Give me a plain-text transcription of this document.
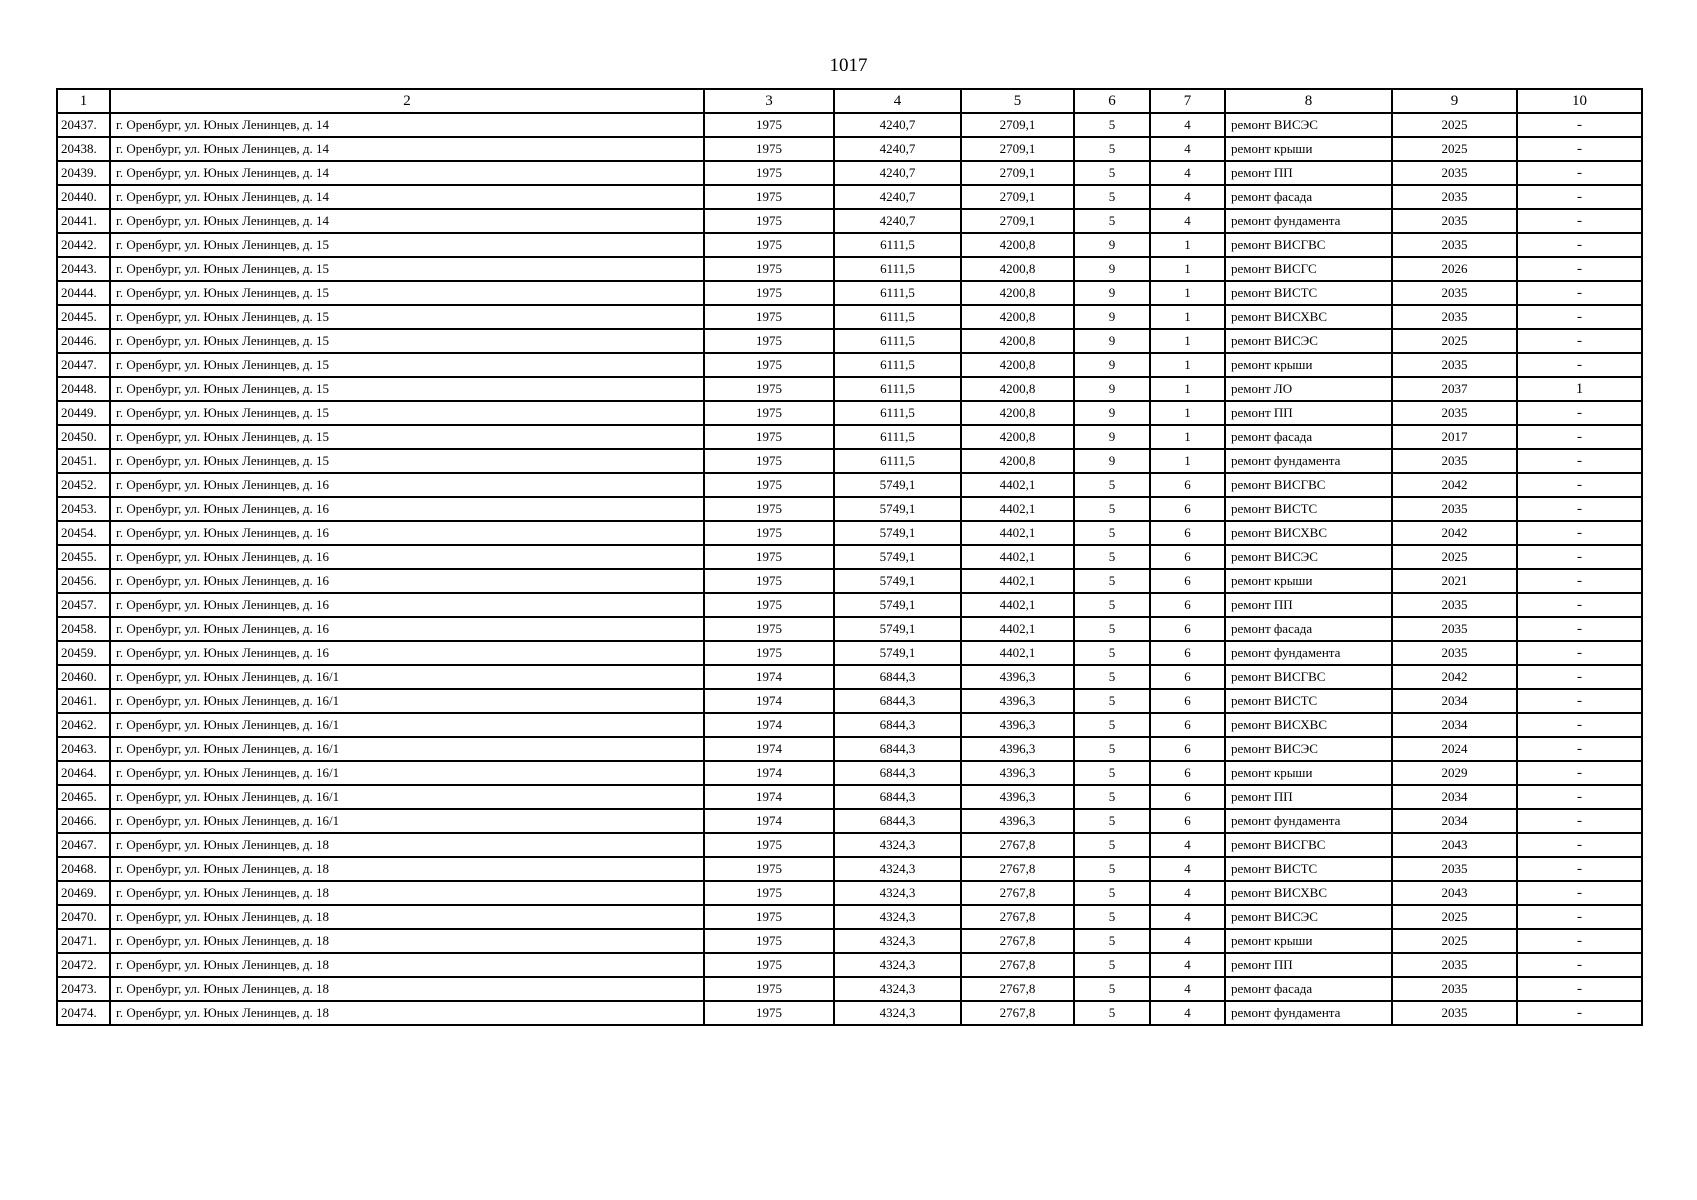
1017
1	2	3	4	5	6	7	8	9	10
20437.	г. Оренбург, ул. Юных Ленинцев, д. 14	1975	4240,7	2709,1	5	4	ремонт ВИСЭС	2025	-
20438.	г. Оренбург, ул. Юных Ленинцев, д. 14	1975	4240,7	2709,1	5	4	ремонт крыши	2025	-
20439.	г. Оренбург, ул. Юных Ленинцев, д. 14	1975	4240,7	2709,1	5	4	ремонт ПП	2035	-
20440.	г. Оренбург, ул. Юных Ленинцев, д. 14	1975	4240,7	2709,1	5	4	ремонт фасада	2035	-
20441.	г. Оренбург, ул. Юных Ленинцев, д. 14	1975	4240,7	2709,1	5	4	ремонт фундамента	2035	-
20442.	г. Оренбург, ул. Юных Ленинцев, д. 15	1975	6111,5	4200,8	9	1	ремонт ВИСГВС	2035	-
20443.	г. Оренбург, ул. Юных Ленинцев, д. 15	1975	6111,5	4200,8	9	1	ремонт ВИСГС	2026	-
20444.	г. Оренбург, ул. Юных Ленинцев, д. 15	1975	6111,5	4200,8	9	1	ремонт ВИСТС	2035	-
20445.	г. Оренбург, ул. Юных Ленинцев, д. 15	1975	6111,5	4200,8	9	1	ремонт ВИСХВС	2035	-
20446.	г. Оренбург, ул. Юных Ленинцев, д. 15	1975	6111,5	4200,8	9	1	ремонт ВИСЭС	2025	-
20447.	г. Оренбург, ул. Юных Ленинцев, д. 15	1975	6111,5	4200,8	9	1	ремонт крыши	2035	-
20448.	г. Оренбург, ул. Юных Ленинцев, д. 15	1975	6111,5	4200,8	9	1	ремонт ЛО	2037	1
20449.	г. Оренбург, ул. Юных Ленинцев, д. 15	1975	6111,5	4200,8	9	1	ремонт ПП	2035	-
20450.	г. Оренбург, ул. Юных Ленинцев, д. 15	1975	6111,5	4200,8	9	1	ремонт фасада	2017	-
20451.	г. Оренбург, ул. Юных Ленинцев, д. 15	1975	6111,5	4200,8	9	1	ремонт фундамента	2035	-
20452.	г. Оренбург, ул. Юных Ленинцев, д. 16	1975	5749,1	4402,1	5	6	ремонт ВИСГВС	2042	-
20453.	г. Оренбург, ул. Юных Ленинцев, д. 16	1975	5749,1	4402,1	5	6	ремонт ВИСТС	2035	-
20454.	г. Оренбург, ул. Юных Ленинцев, д. 16	1975	5749,1	4402,1	5	6	ремонт ВИСХВС	2042	-
20455.	г. Оренбург, ул. Юных Ленинцев, д. 16	1975	5749,1	4402,1	5	6	ремонт ВИСЭС	2025	-
20456.	г. Оренбург, ул. Юных Ленинцев, д. 16	1975	5749,1	4402,1	5	6	ремонт крыши	2021	-
20457.	г. Оренбург, ул. Юных Ленинцев, д. 16	1975	5749,1	4402,1	5	6	ремонт ПП	2035	-
20458.	г. Оренбург, ул. Юных Ленинцев, д. 16	1975	5749,1	4402,1	5	6	ремонт фасада	2035	-
20459.	г. Оренбург, ул. Юных Ленинцев, д. 16	1975	5749,1	4402,1	5	6	ремонт фундамента	2035	-
20460.	г. Оренбург, ул. Юных Ленинцев, д. 16/1	1974	6844,3	4396,3	5	6	ремонт ВИСГВС	2042	-
20461.	г. Оренбург, ул. Юных Ленинцев, д. 16/1	1974	6844,3	4396,3	5	6	ремонт ВИСТС	2034	-
20462.	г. Оренбург, ул. Юных Ленинцев, д. 16/1	1974	6844,3	4396,3	5	6	ремонт ВИСХВС	2034	-
20463.	г. Оренбург, ул. Юных Ленинцев, д. 16/1	1974	6844,3	4396,3	5	6	ремонт ВИСЭС	2024	-
20464.	г. Оренбург, ул. Юных Ленинцев, д. 16/1	1974	6844,3	4396,3	5	6	ремонт крыши	2029	-
20465.	г. Оренбург, ул. Юных Ленинцев, д. 16/1	1974	6844,3	4396,3	5	6	ремонт ПП	2034	-
20466.	г. Оренбург, ул. Юных Ленинцев, д. 16/1	1974	6844,3	4396,3	5	6	ремонт фундамента	2034	-
20467.	г. Оренбург, ул. Юных Ленинцев, д. 18	1975	4324,3	2767,8	5	4	ремонт ВИСГВС	2043	-
20468.	г. Оренбург, ул. Юных Ленинцев, д. 18	1975	4324,3	2767,8	5	4	ремонт ВИСТС	2035	-
20469.	г. Оренбург, ул. Юных Ленинцев, д. 18	1975	4324,3	2767,8	5	4	ремонт ВИСХВС	2043	-
20470.	г. Оренбург, ул. Юных Ленинцев, д. 18	1975	4324,3	2767,8	5	4	ремонт ВИСЭС	2025	-
20471.	г. Оренбург, ул. Юных Ленинцев, д. 18	1975	4324,3	2767,8	5	4	ремонт крыши	2025	-
20472.	г. Оренбург, ул. Юных Ленинцев, д. 18	1975	4324,3	2767,8	5	4	ремонт ПП	2035	-
20473.	г. Оренбург, ул. Юных Ленинцев, д. 18	1975	4324,3	2767,8	5	4	ремонт фасада	2035	-
20474.	г. Оренбург, ул. Юных Ленинцев, д. 18	1975	4324,3	2767,8	5	4	ремонт фундамента	2035	-
